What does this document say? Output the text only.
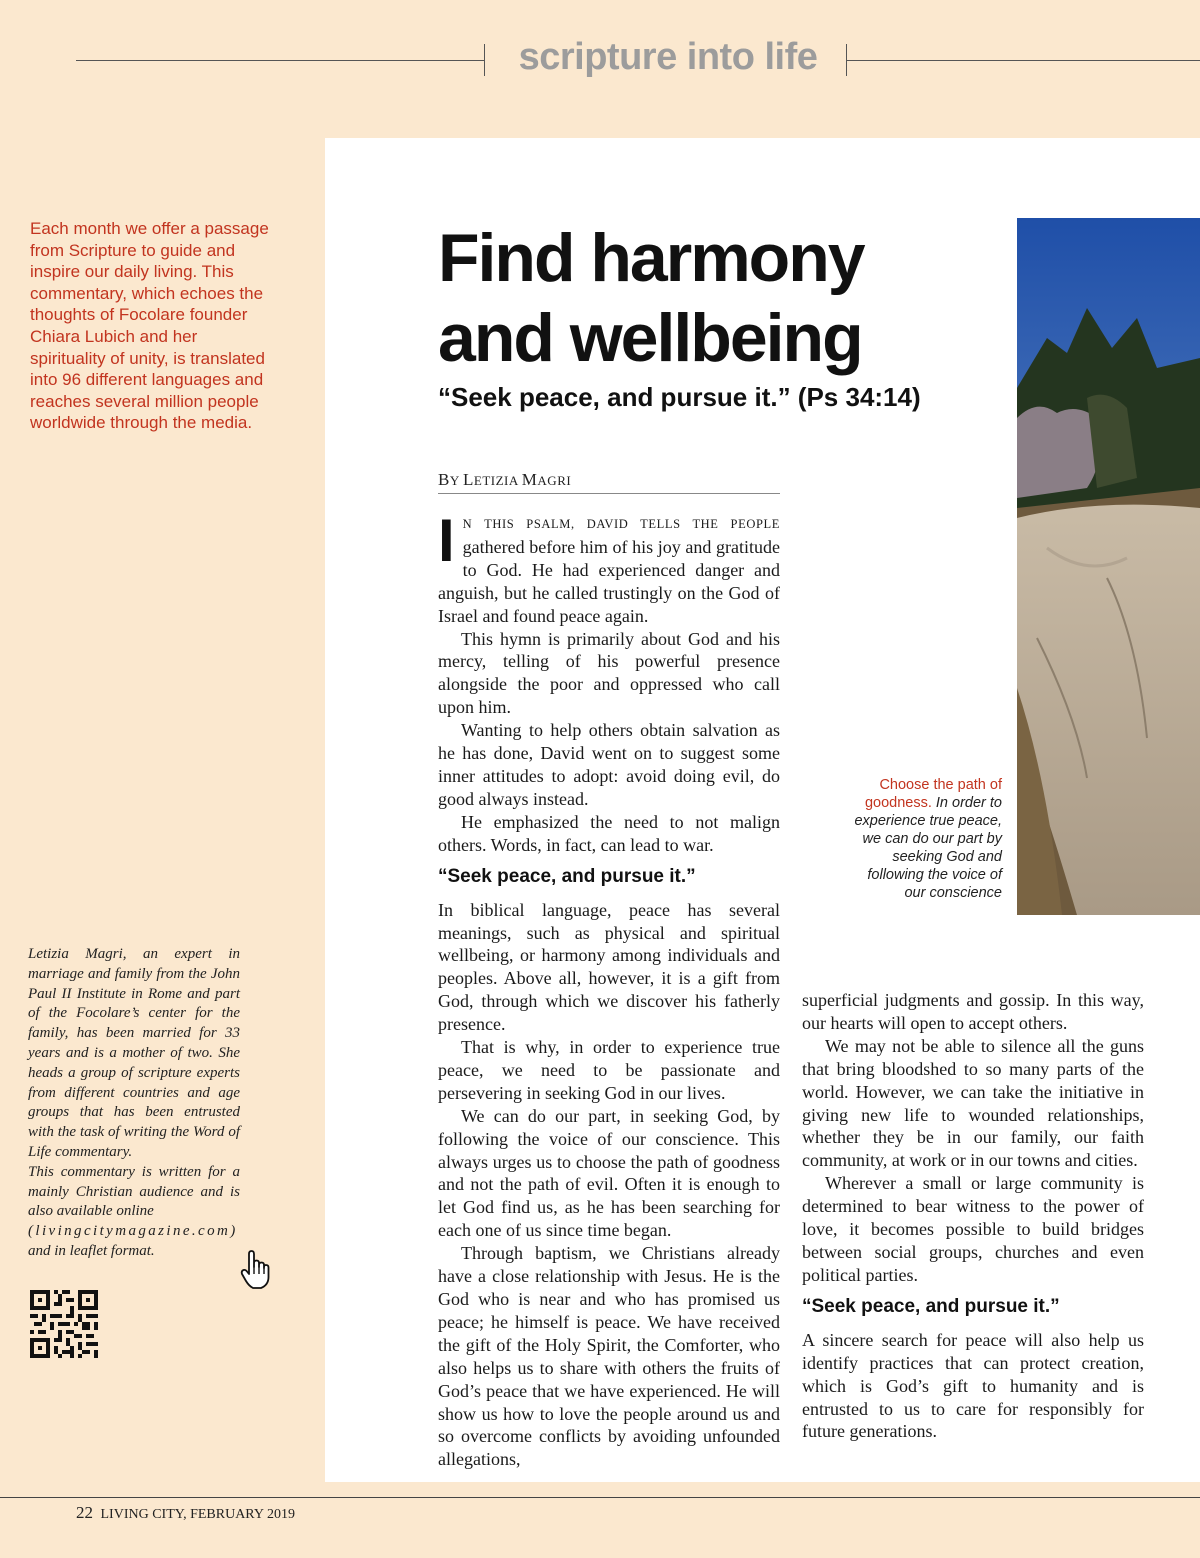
scripture into life
Each month we offer a passage from Scripture to guide and inspire our daily living. This commentary, which echoes the thoughts of Focolare founder Chiara Lubich and her spirituality of unity, is translated into 96 different languages and reaches several million people worldwide through the media.
Find harmony
and wellbeing
“Seek peace, and pursue it.” (Ps 34:14)
BY LETIZIA MAGRI

IN THIS PSALM, DAVID TELLS THE PEOPLE gathered before him of his joy and gratitude to God. He had experienced danger and anguish, but he called trustingly on the God of Israel and found peace again.

This hymn is primarily about God and his mercy, telling of his powerful presence alongside the poor and oppressed who call upon him.

Wanting to help others obtain salvation as he has done, David went on to suggest some inner attitudes to adopt: avoid doing evil, do good always instead.

He emphasized the need to not malign others. Words, in fact, can lead to war.

“Seek peace, and pursue it.”

In biblical language, peace has several meanings, such as physical and spiritual wellbeing, or harmony among individuals and peoples. Above all, however, it is a gift from God, through which we discover his fatherly presence.

That is why, in order to experience true peace, we need to be passionate and persevering in seeking God in our lives.

We can do our part, in seeking God, by following the voice of our conscience. This always urges us to choose the path of goodness and not the path of evil. Often it is enough to let God find us, as he has been searching for each one of us since time began.

Through baptism, we Christians already have a close relationship with Jesus. He is the God who is near and who has promised us peace; he himself is peace. We have received the gift of the Holy Spirit, the Comforter, who also helps us to share with others the fruits of God’s peace that we have experienced. He will show us how to love the people around us and so overcome conflicts by avoiding unfounded allegations,

Choose the path of goodness. In order to experience true peace, we can do our part by seeking God and following the voice of our conscience

superficial judgments and gossip. In this way, our hearts will open to accept others.

We may not be able to silence all the guns that bring bloodshed to so many parts of the world. However, we can take the initiative in giving new life to wounded relationships, whether they be in our family, our faith community, at work or in our towns and cities.

Wherever a small or large community is determined to bear witness to the power of love, it becomes possible to build bridges between social groups, churches and even political parties.

“Seek peace, and pursue it.”

A sincere search for peace will also help us identify practices that can protect creation, which is God’s gift to humanity and is entrusted to us to care for responsibly for future generations.

Letizia Magri, an expert in marriage and family from the John Paul II Institute in Rome and part of the Focolare’s center for the family, has been married for 33 years and is a mother of two. She heads a group of scripture experts from different countries and age groups that has been entrusted with the task of writing the Word of Life commentary.

This commentary is written for a mainly Christian audience and is also available online

(livingcitymagazine.com)

and in leaflet format.

22 LIVING CITY, FEBRUARY 2019
